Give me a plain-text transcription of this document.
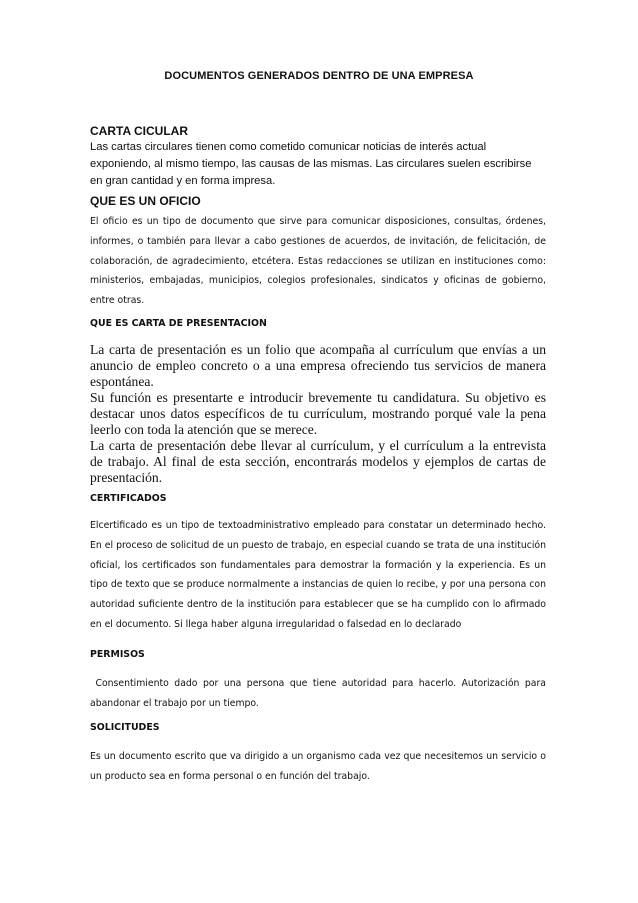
DOCUMENTOS GENERADOS DENTRO DE UNA EMPRESA

CARTA CICULAR

Las cartas circulares tienen como cometido comunicar noticias de interés actual exponiendo, al mismo tiempo, las causas de las mismas. Las circulares suelen escribirse en gran cantidad y en forma impresa.

QUE ES UN OFICIO

El oficio es un tipo de documento que sirve para comunicar disposiciones, consultas, órdenes, informes, o también para llevar a cabo gestiones de acuerdos, de invitación, de felicitación, de colaboración, de agradecimiento, etcétera. Estas redacciones se utilizan en instituciones como: ministerios, embajadas, municipios, colegios profesionales, sindicatos y oficinas de gobierno, entre otras.

QUE ES CARTA DE PRESENTACION

La carta de presentación es un folio que acompaña al currículum que envías a un anuncio de empleo concreto o a una empresa ofreciendo tus servicios de manera espontánea.

Su función es presentarte e introducir brevemente tu candidatura. Su objetivo es destacar unos datos específicos de tu currículum, mostrando porqué vale la pena leerlo con toda la atención que se merece.

La carta de presentación debe llevar al currículum, y el currículum a la entrevista de trabajo. Al final de esta sección, encontrarás modelos y ejemplos de cartas de presentación.

CERTIFICADOS

Elcertificado es un tipo de textoadministrativo empleado para constatar un determinado hecho. En el proceso de solicitud de un puesto de trabajo, en especial cuando se trata de una institución oficial, los certificados son fundamentales para demostrar la formación y la experiencia. Es un tipo de texto que se produce normalmente a instancias de quien lo recibe, y por una persona con autoridad suficiente dentro de la institución para establecer que se ha cumplido con lo afirmado en el documento. Si llega haber alguna irregularidad o falsedad en lo declarado

PERMISOS

Consentimiento dado por una persona que tiene autoridad para hacerlo. Autorización para abandonar el trabajo por un tiempo.

SOLICITUDES

Es un documento escrito que va dirigido a un organismo cada vez que necesitemos un servicio o un producto sea en forma personal o en función del trabajo.
